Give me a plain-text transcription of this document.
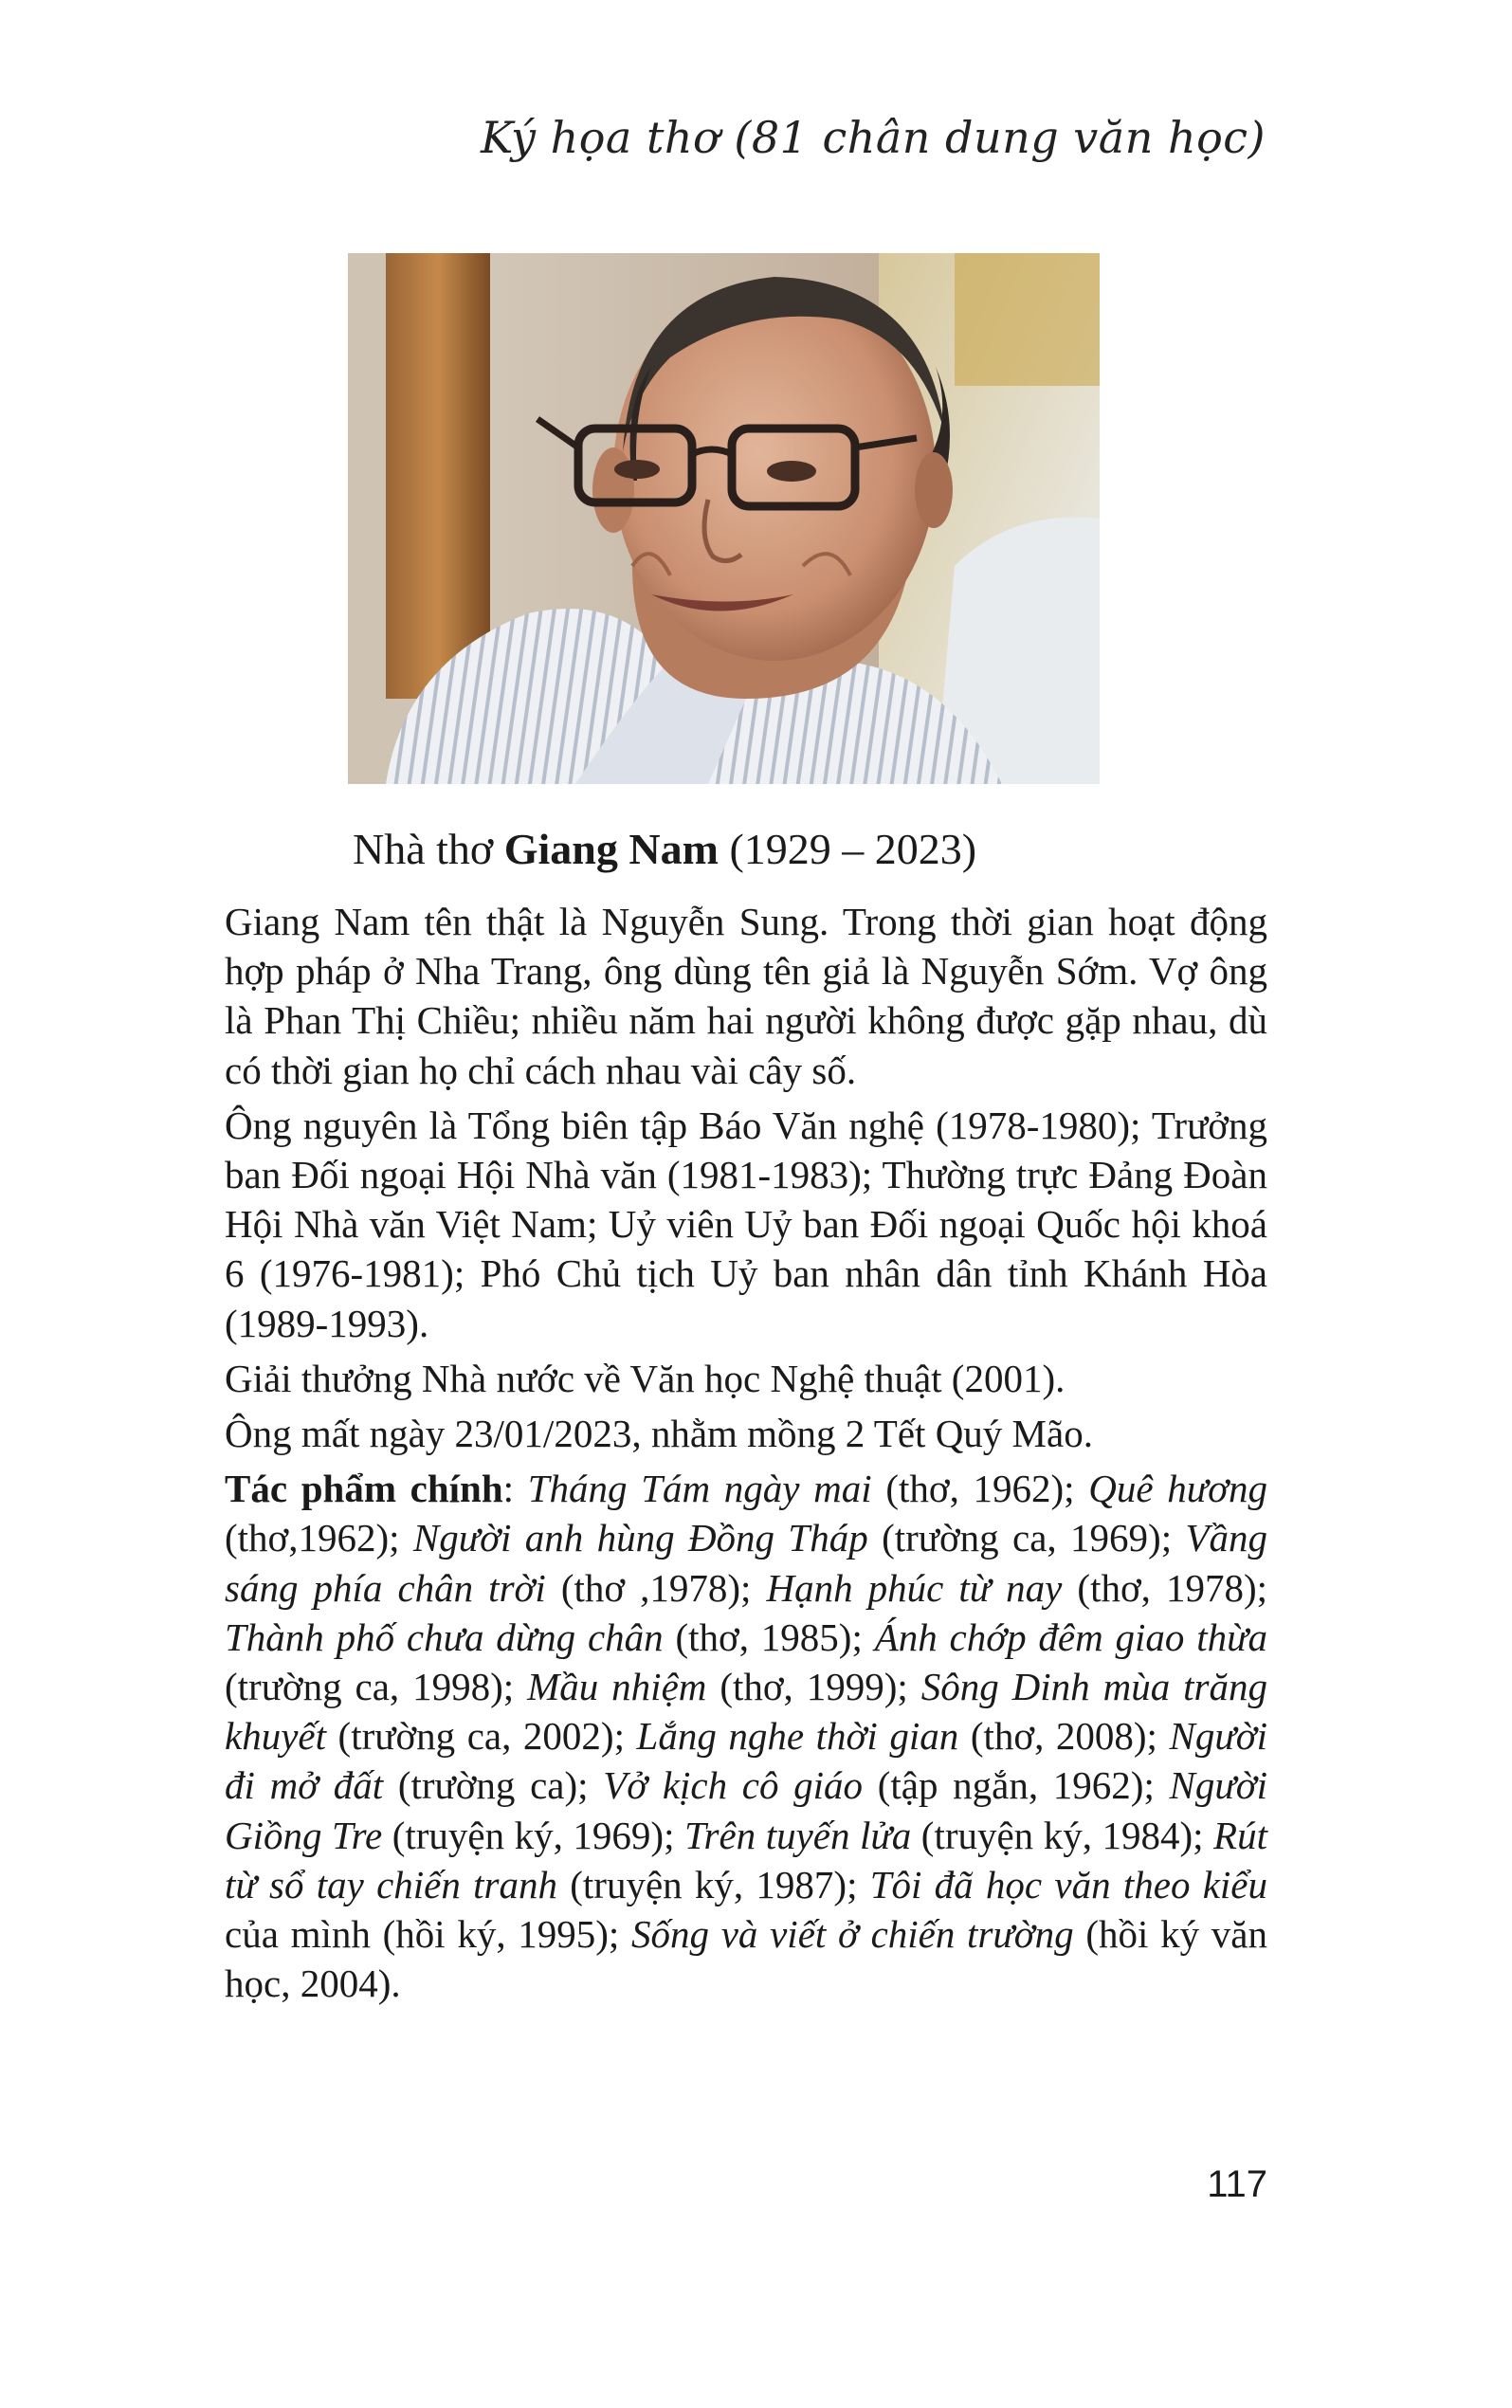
Ký họa thơ (81 chân dung văn học)
Nhà thơ Giang Nam (1929 – 2023)

Giang Nam tên thật là Nguyễn Sung. Trong thời gian hoạt động hợp pháp ở Nha Trang, ông dùng tên giả là Nguyễn Sớm. Vợ ông là Phan Thị Chiều; nhiều năm hai người không được gặp nhau, dù có thời gian họ chỉ cách nhau vài cây số.

Ông nguyên là Tổng biên tập Báo Văn nghệ (1978-1980); Trưởng ban Đối ngoại Hội Nhà văn (1981-1983); Thường trực Đảng Đoàn Hội Nhà văn Việt Nam; Uỷ viên Uỷ ban Đối ngoại Quốc hội khoá 6 (1976-1981); Phó Chủ tịch Uỷ ban nhân dân tỉnh Khánh Hòa (1989-1993).

Giải thưởng Nhà nước về Văn học Nghệ thuật (2001).

Ông mất ngày 23/01/2023, nhằm mồng 2 Tết Quý Mão.

Tác phẩm chính: Tháng Tám ngày mai (thơ, 1962); Quê hương (thơ,1962); Người anh hùng Đồng Tháp (trường ca, 1969); Vầng sáng phía chân trời (thơ ,1978); Hạnh phúc từ nay (thơ, 1978); Thành phố chưa dừng chân (thơ, 1985); Ánh chớp đêm giao thừa (trường ca, 1998); Mầu nhiệm (thơ, 1999); Sông Dinh mùa trăng khuyết (trường ca, 2002); Lắng nghe thời gian (thơ, 2008); Người đi mở đất (trường ca); Vở kịch cô giáo (tập ngắn, 1962); Người Giồng Tre (truyện ký, 1969); Trên tuyến lửa (truyện ký, 1984); Rút từ sổ tay chiến tranh (truyện ký, 1987); Tôi đã học văn theo kiểu của mình (hồi ký, 1995); Sống và viết ở chiến trường (hồi ký văn học, 2004).

117
